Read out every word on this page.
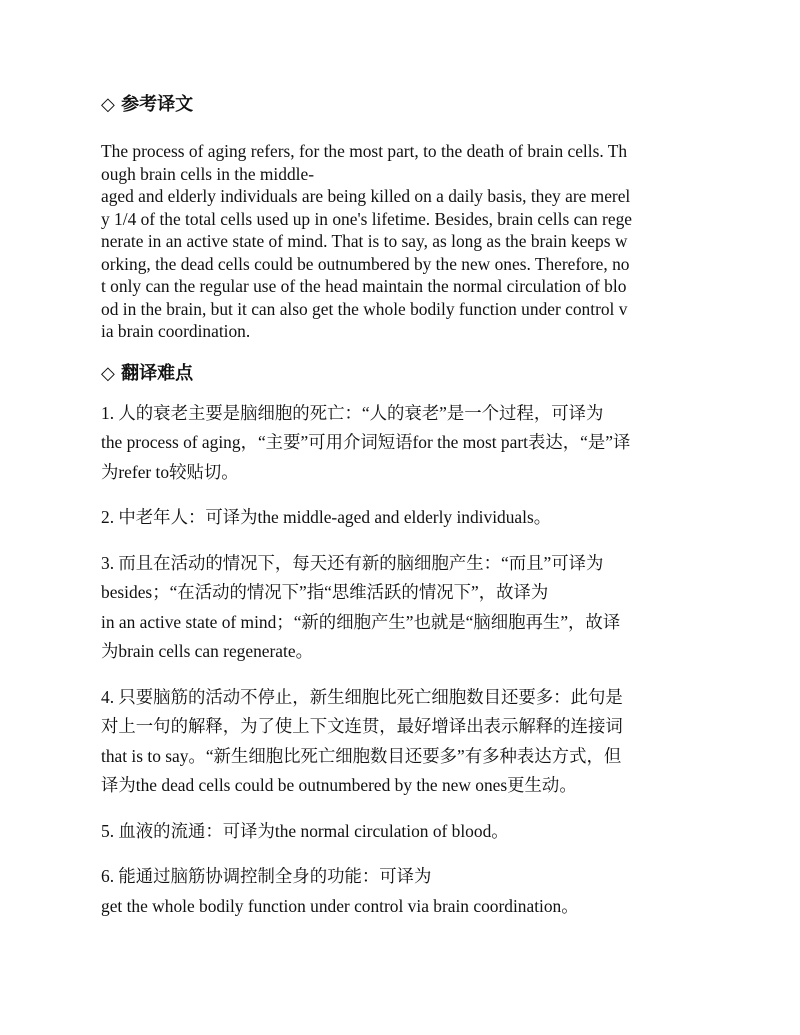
◇ 参考译文
The process of aging refers, for the most part, to the death of brain cells. Th
ough brain cells in the middle-
aged and elderly individuals are being killed on a daily basis, they are merel
y 1/4 of the total cells used up in one's lifetime. Besides, brain cells can rege
nerate in an active state of mind. That is to say, as long as the brain keeps w
orking, the dead cells could be outnumbered by the new ones. Therefore, no
t only can the regular use of the head maintain the normal circulation of blo
od in the brain, but it can also get the whole bodily function under control v
ia brain coordination.
◇ 翻译难点
1. 人的衰老主要是脑细胞的死亡：“人的衰老”是一个过程，可译为
the process of aging，“主要”可用介词短语for the most part表达，“是”译
为refer to较贴切。
2. 中老年人：可译为the middle-aged and elderly individuals。
3. 而且在活动的情况下，每天还有新的脑细胞产生：“而且”可译为
besides；“在活动的情况下”指“思维活跃的情况下”，故译为
in an active state of mind；“新的细胞产生”也就是“脑细胞再生”，故译
为brain cells can regenerate。
4. 只要脑筋的活动不停止，新生细胞比死亡细胞数目还要多：此句是
对上一句的解释，为了使上下文连贯，最好增译出表示解释的连接词
that is to say。“新生细胞比死亡细胞数目还要多”有多种表达方式，但
译为the dead cells could be outnumbered by the new ones更生动。
5. 血液的流通：可译为the normal circulation of blood。
6. 能通过脑筋协调控制全身的功能：可译为
get the whole bodily function under control via brain coordination。
